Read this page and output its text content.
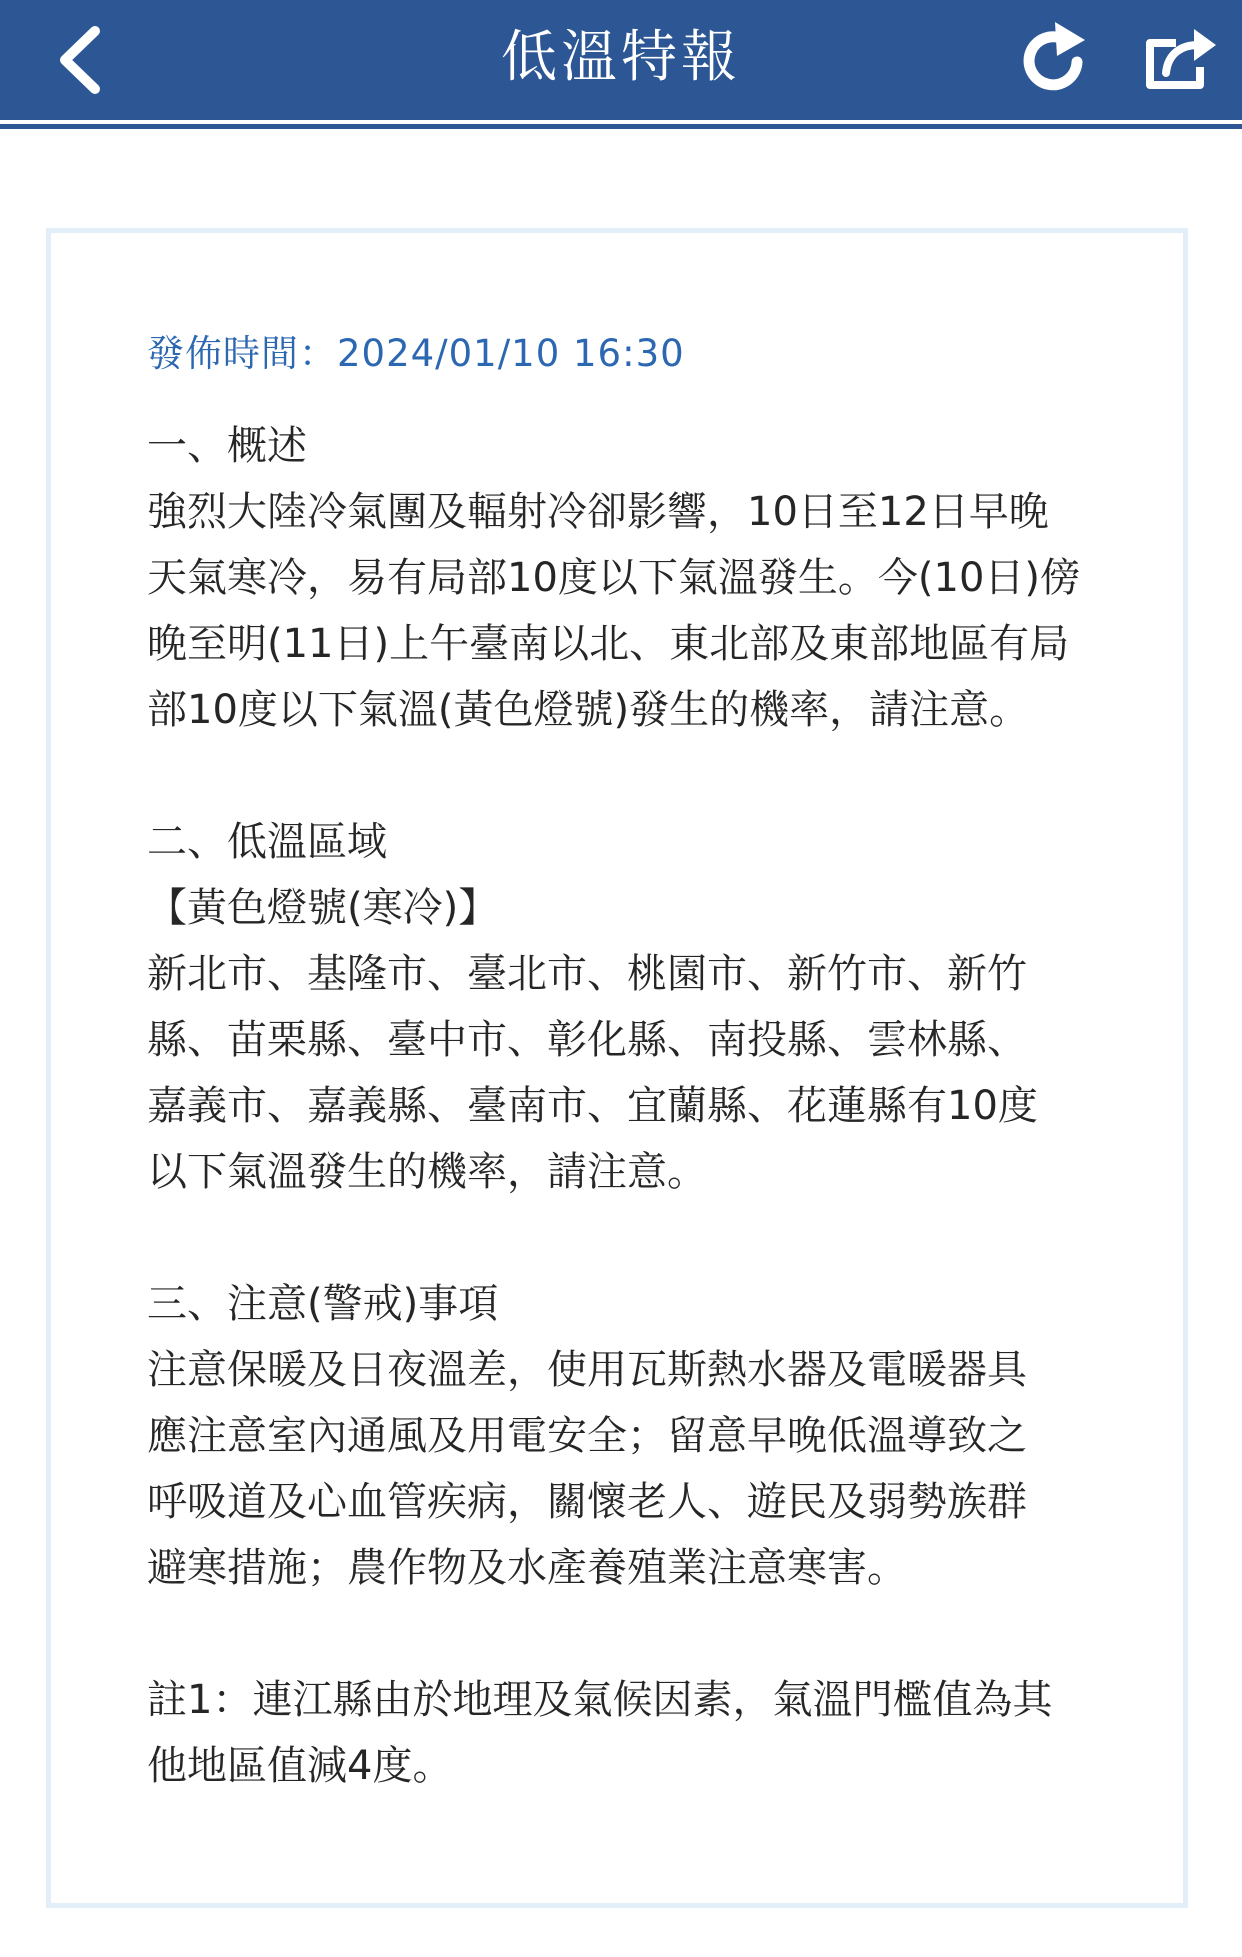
低溫特報
發佈時間：2024/01/10 16:30

一、概述

強烈大陸冷氣團及輻射冷卻影響，10日至12日早晚

天氣寒冷，易有局部10度以下氣溫發生。今(10日)傍

晚至明(11日)上午臺南以北、東北部及東部地區有局

部10度以下氣溫(黃色燈號)發生的機率，請注意。

二、低溫區域

【黃色燈號(寒冷)】

新北市、基隆市、臺北市、桃園市、新竹市、新竹

縣、苗栗縣、臺中市、彰化縣、南投縣、雲林縣、

嘉義市、嘉義縣、臺南市、宜蘭縣、花蓮縣有10度

以下氣溫發生的機率，請注意。

三、注意(警戒)事項

注意保暖及日夜溫差，使用瓦斯熱水器及電暖器具

應注意室內通風及用電安全；留意早晚低溫導致之

呼吸道及心血管疾病，關懷老人、遊民及弱勢族群

避寒措施；農作物及水產養殖業注意寒害。

註1：連江縣由於地理及氣候因素，氣溫門檻值為其

他地區值減4度。
